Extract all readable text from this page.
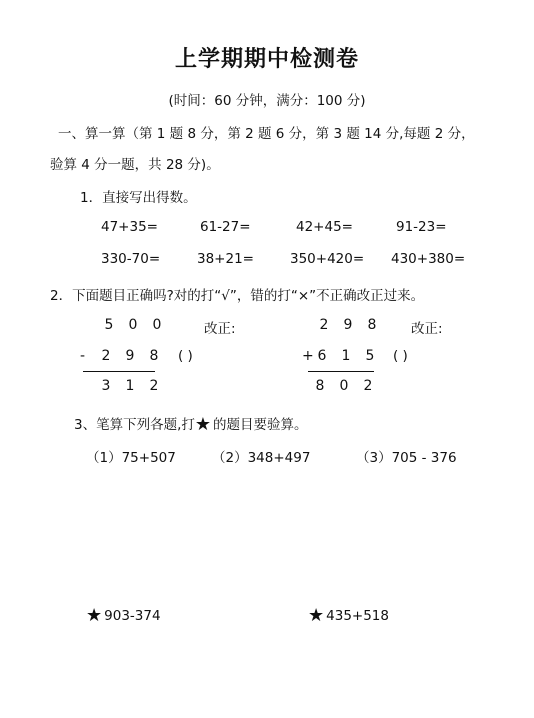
上学期期中检测卷
(时间：60 分钟，满分：100 分)
一、算一算（第 1 题 8 分，第 2 题 6 分，第 3 题 14 分,每题 2 分，
验算 4 分一题，共 28 分)。
1．直接写出得数。
47+35=	61-27=	42+45=	91-23=
330-70=	38+21=	350+420= 430+380=
2．下面题目正确吗?对的打“√”，错的打“×”不正确改正过来。
5 0 0	改正:
-	2 9 8	( )
3 1 2
2 9 8	改正:
+ 6 1 5	( )
8 0 2
3、笔算下列各题,打★ 的题目要验算。
（1）75+507	（2）348+497	（3）705 - 376
★ 903-374	★ 435+518
